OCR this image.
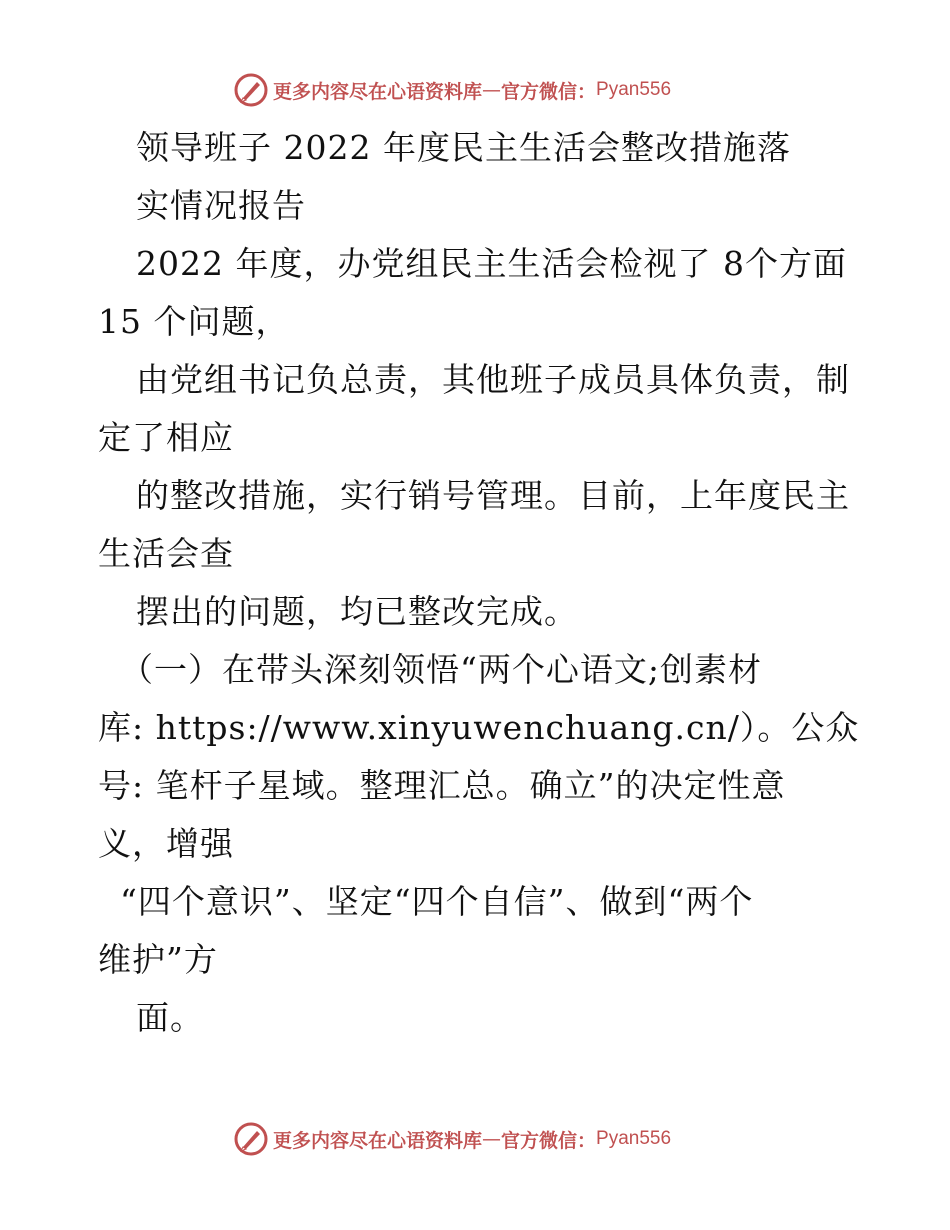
更多内容尽在心语资料库 — 官方微信： Pyan556
领导班子 2022 年度民主生活会整改措施落
实情况报告
2022 年度，办党组民主生活会检视了 8个方面
15 个问题，
由党组书记负总责，其他班子成员具体负责，制
定了相应
的整改措施，实行销号管理。目前，上年度民主
生活会查
摆出的问题，均已整改完成。
（一）在带头深刻领悟“两个心语文;创素材
库: https://www.xinyuwenchuang.cn/）。公众
号: 笔杆子星域。整理汇总。确立”的决定性意
义，增强
“四个意识”、坚定“四个自信”、做到“两个
维护”方
面。
更多内容尽在心语资料库 — 官方微信： Pyan556
